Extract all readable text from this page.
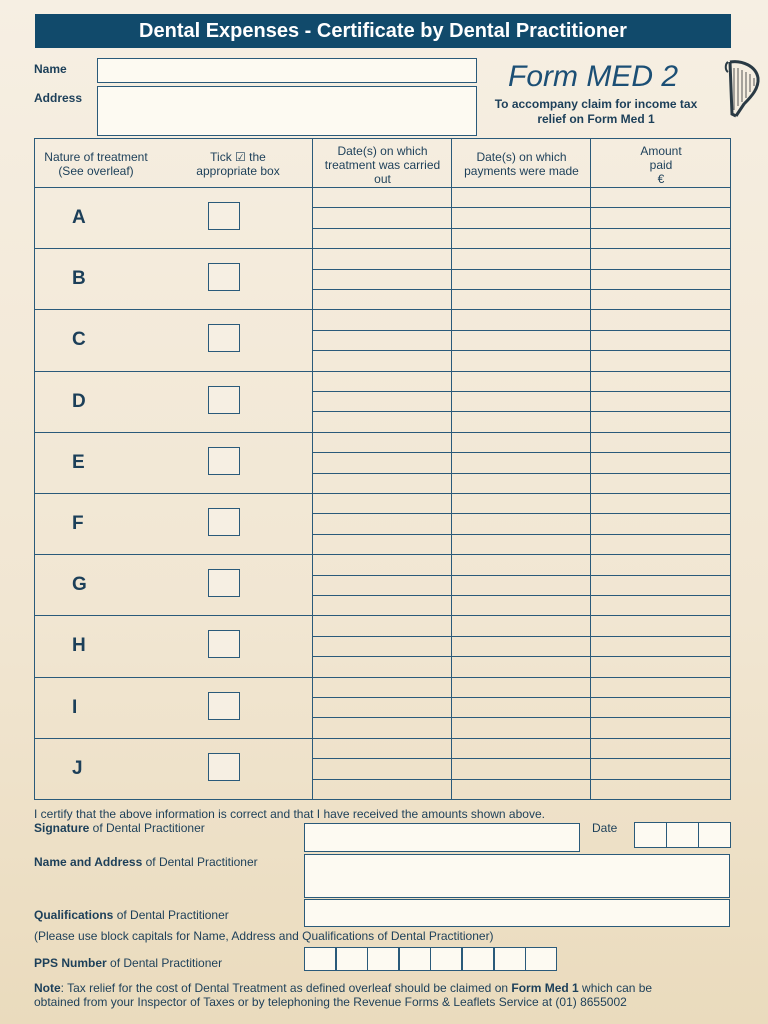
Dental Expenses - Certificate by Dental Practitioner
Name
Address
Form MED 2
To accompany claim for income tax
relief on Form Med 1
Nature of treatment
(See overleaf)
Tick ☑ the
appropriate box
Date(s) on which
treatment was carried
out
Date(s) on which
payments were made
Amount
paid
€
A
B
C
D
E
F
G
H
I
J
I certify that the above information is correct and that I have received the amounts shown above.
Signature of Dental Practitioner	Date
Name and Address of Dental Practitioner
Qualifications of Dental Practitioner
(Please use block capitals for Name, Address and Qualifications of Dental Practitioner)
PPS Number of Dental Practitioner
Note: Tax relief for the cost of Dental Treatment as defined overleaf should be claimed on Form Med 1 which can be
obtained from your Inspector of Taxes or by telephoning the Revenue Forms & Leaflets Service at (01) 8655002
